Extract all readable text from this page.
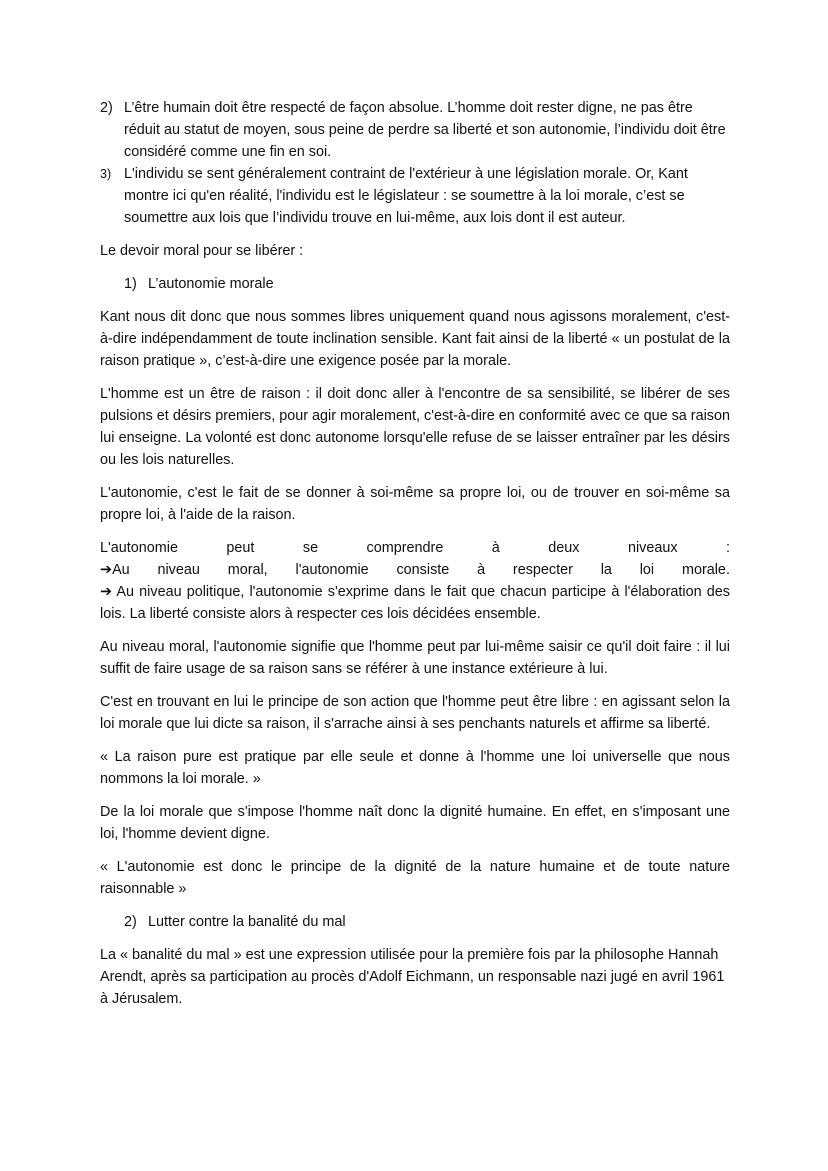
2) L’être humain doit être respecté de façon absolue. L’homme doit rester digne, ne pas être réduit au statut de moyen, sous peine de perdre sa liberté et son autonomie, l’individu doit être considéré comme une fin en soi.
3) L'individu se sent généralement contraint de l'extérieur à une législation morale. Or, Kant montre ici qu'en réalité, l'individu est le législateur : se soumettre à la loi morale, c’est se soumettre aux lois que l’individu trouve en lui-même, aux lois dont il est auteur.

Le devoir moral pour se libérer :

1) L’autonomie morale

Kant nous dit donc que nous sommes libres uniquement quand nous agissons moralement, c'est-à-dire indépendamment de toute inclination sensible. Kant fait ainsi de la liberté « un postulat de la raison pratique », c’est-à-dire une exigence posée par la morale.

L'homme est un être de raison : il doit donc aller à l'encontre de sa sensibilité, se libérer de ses pulsions et désirs premiers, pour agir moralement, c'est-à-dire en conformité avec ce que sa raison lui enseigne. La volonté est donc autonome lorsqu'elle refuse de se laisser entraîner par les désirs ou les lois naturelles.

L'autonomie, c'est le fait de se donner à soi-même sa propre loi, ou de trouver en soi-même sa propre loi, à l'aide de la raison.

L'autonomie	peut	se	comprendre	à	deux	niveaux	:
➔Au niveau moral, l'autonomie consiste à respecter la loi morale.

➔ Au niveau politique, l'autonomie s'exprime dans le fait que chacun participe à l'élaboration des lois. La liberté consiste alors à respecter ces lois décidées ensemble.

Au niveau moral, l'autonomie signifie que l'homme peut par lui-même saisir ce qu'il doit faire : il lui suffit de faire usage de sa raison sans se référer à une instance extérieure à lui.

C'est en trouvant en lui le principe de son action que l'homme peut être libre : en agissant selon la loi morale que lui dicte sa raison, il s'arrache ainsi à ses penchants naturels et affirme sa liberté.

« La raison pure est pratique par elle seule et donne à l'homme une loi universelle que nous nommons la loi morale. »

De la loi morale que s'impose l'homme naît donc la dignité humaine. En effet, en s'imposant une loi, l'homme devient digne.

« L'autonomie est donc le principe de la dignité de la nature humaine et de toute nature raisonnable »

2) Lutter contre la banalité du mal

La « banalité du mal » est une expression utilisée pour la première fois par la philosophe Hannah Arendt, après sa participation au procès d'Adolf Eichmann, un responsable nazi jugé en avril 1961 à Jérusalem.
